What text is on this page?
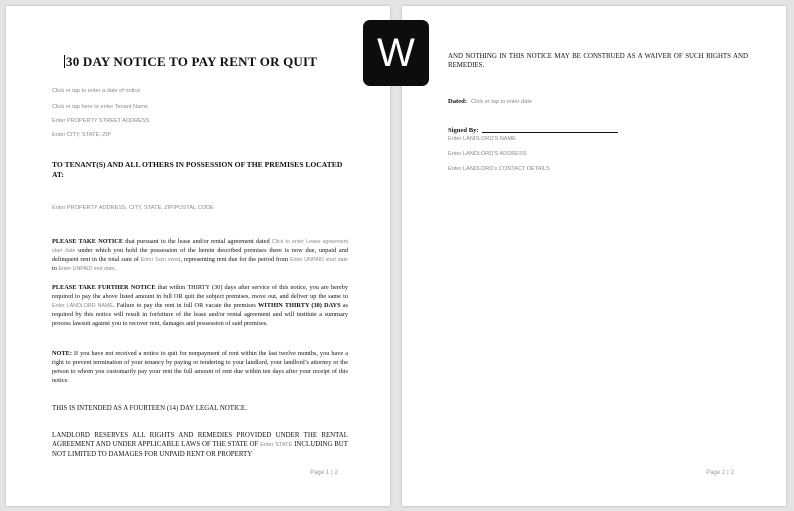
30 DAY NOTICE TO PAY RENT OR QUIT
Click or tap to enter a date of notice
Click or tap here to enter Tenant Name
Enter PROPERTY STREET ADDRESS
Enter CITY, STATE, ZIP
TO TENANT(S) AND ALL OTHERS IN POSSESSION OF THE PREMISES LOCATED AT:
Enter PROPERTY ADDRESS, CITY, STATE, ZIP/POSTAL CODE
PLEASE TAKE NOTICE that pursuant to the lease and/or rental agreement dated Click to enter Lease agreement start date under which you hold the possession of the herein described premises there is now due, unpaid and delinquent rent in the total sum of Enter Sum owed, representing rent due for the period from Enter UNPAID start date to Enter UNPAID end date.
PLEASE TAKE FURTHER NOTICE that within THIRTY (30) days after service of this notice, you are hereby required to pay the above listed amount in full OR quit the subject premises, move out, and deliver up the same to Enter LANDLORD NAME. Failure to pay the rent in full OR vacate the premises WITHIN THIRTY (30) DAYS as required by this notice will result in forfeiture of the lease and/or rental agreement and will institute a summary process lawsuit against you to recover rent, damages and possession of said premises.
NOTE: If you have not received a notice to quit for nonpayment of rent within the last twelve months, you have a right to prevent termination of your tenancy by paying or tendering to your landlord, your landlord’s attorney or the person to whom you customarily pay your rent the full amount of rent due within ten days after your receipt of this notice.
THIS IS INTENDED AS A FOURTEEN (14) DAY LEGAL NOTICE.
LANDLORD RESERVES ALL RIGHTS AND REMEDIES PROVIDED UNDER THE RENTAL AGREEMENT AND UNDER APPLICABLE LAWS OF THE STATE OF Enter STATE INCLUDING BUT NOT LIMITED TO DAMAGES FOR UNPAID RENT OR PROPERTY
Page 1 | 2
AND NOTHING IN THIS NOTICE MAY BE CONSTRUED AS A WAIVER OF SUCH RIGHTS AND REMEDIES.
Dated: Click or tap to enter date
Signed By:
Enter LANDLORD'S NAME
Enter LANDLORD'S ADDRESS
Enter LANDLORD's CONTACT DETAILS
Page 2 | 2
W
